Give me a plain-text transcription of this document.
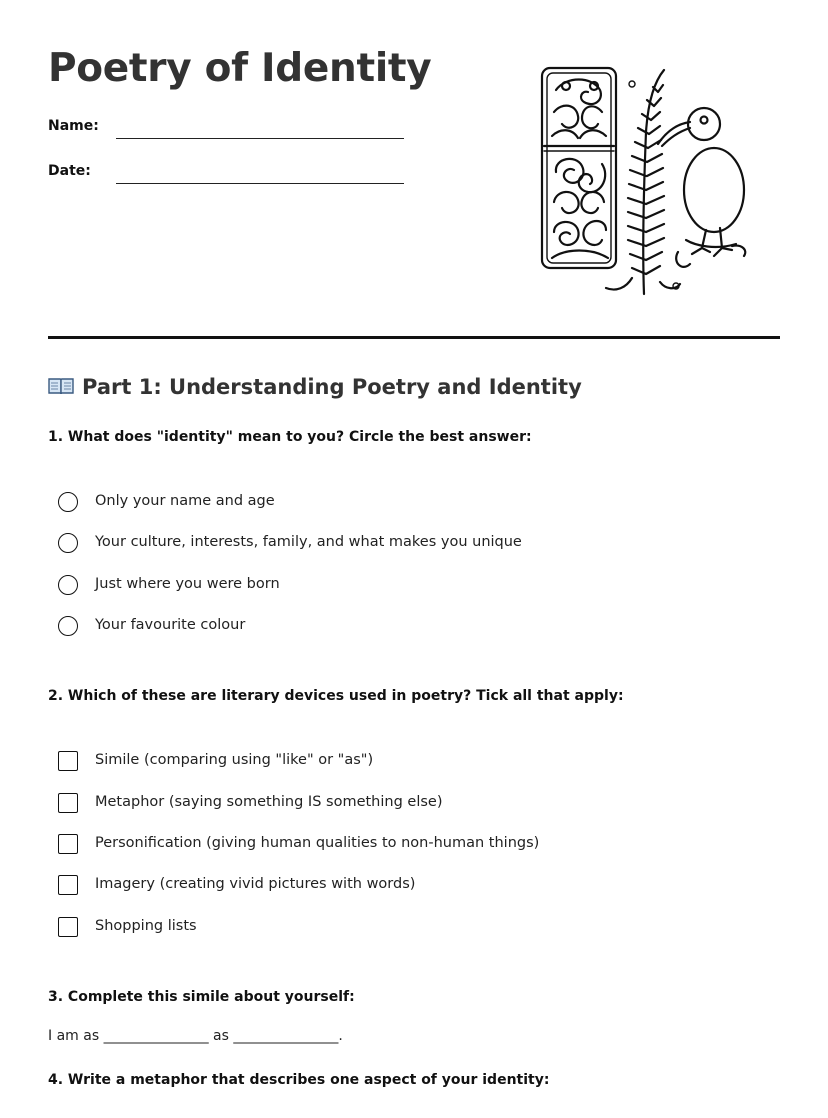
Poetry of Identity
Name:
Date:
Part 1: Understanding Poetry and Identity

1. What does "identity" mean to you? Circle the best answer:

Only your name and age
Your culture, interests, family, and what makes you unique
Just where you were born
Your favourite colour

2. Which of these are literary devices used in poetry? Tick all that apply:

Simile (comparing using "like" or "as")
Metaphor (saying something IS something else)
Personification (giving human qualities to non-human things)
Imagery (creating vivid pictures with words)
Shopping lists

3. Complete this simile about yourself:

I am as _______________ as _______________.

4. Write a metaphor that describes one aspect of your identity:
